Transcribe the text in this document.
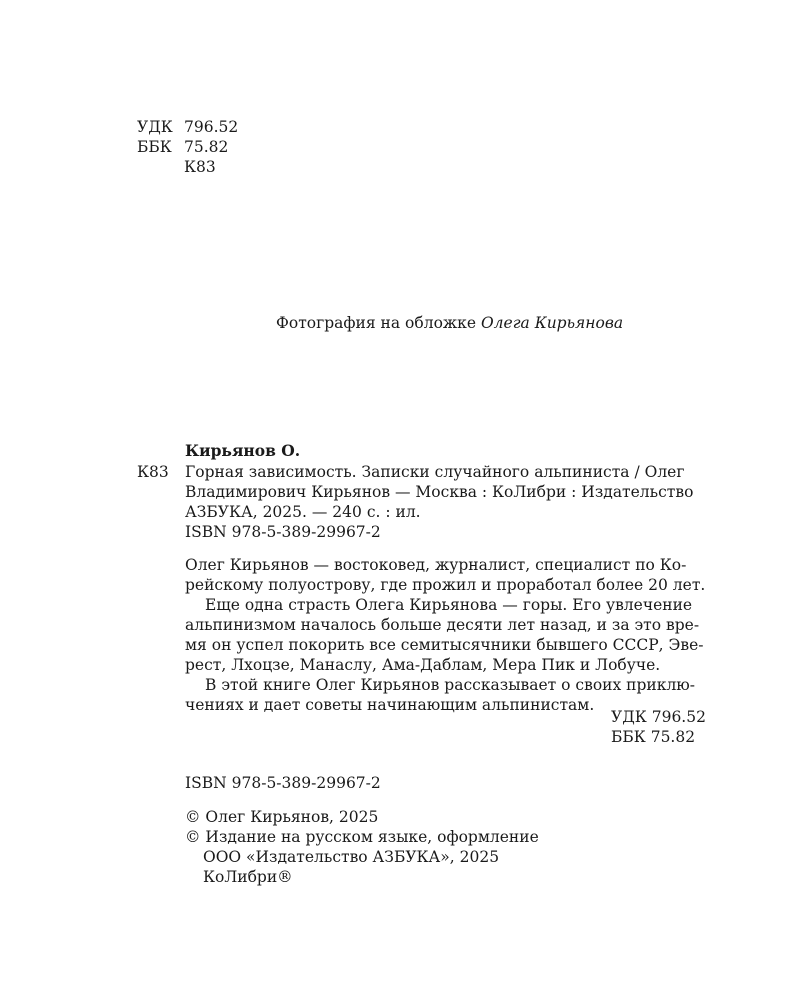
УДК 796.52
ББК 75.82
К83
Фотография на обложке Олега Кирьянова
Кирьянов О.
К83 Горная зависимость. Записки случайного альпиниста / Олег
Владимирович Кирьянов — Москва : КоЛибри : Издательство
АЗБУКА, 2025. — 240 с. : ил.
ISBN 978-5-389-29967-2
Олег Кирьянов — востоковед, журналист, специалист по Ко-
рейскому полуострову, где прожил и проработал более 20 лет.
Еще одна страсть Олега Кирьянова — горы. Его увлечение
альпинизмом началось больше десяти лет назад, и за это вре-
мя он успел покорить все семитысячники бывшего СССР, Эве-
рест, Лхоцзе, Манаслу, Ама-Даблам, Мера Пик и Лобуче.
В этой книге Олег Кирьянов рассказывает о своих приклю-
чениях и дает советы начинающим альпинистам.
УДК 796.52
ББК 75.82
ISBN 978-5-389-29967-2
© Олег Кирьянов, 2025
© Издание на русском языке, оформление
ООО «Издательство АЗБУКА», 2025
КоЛибри®
